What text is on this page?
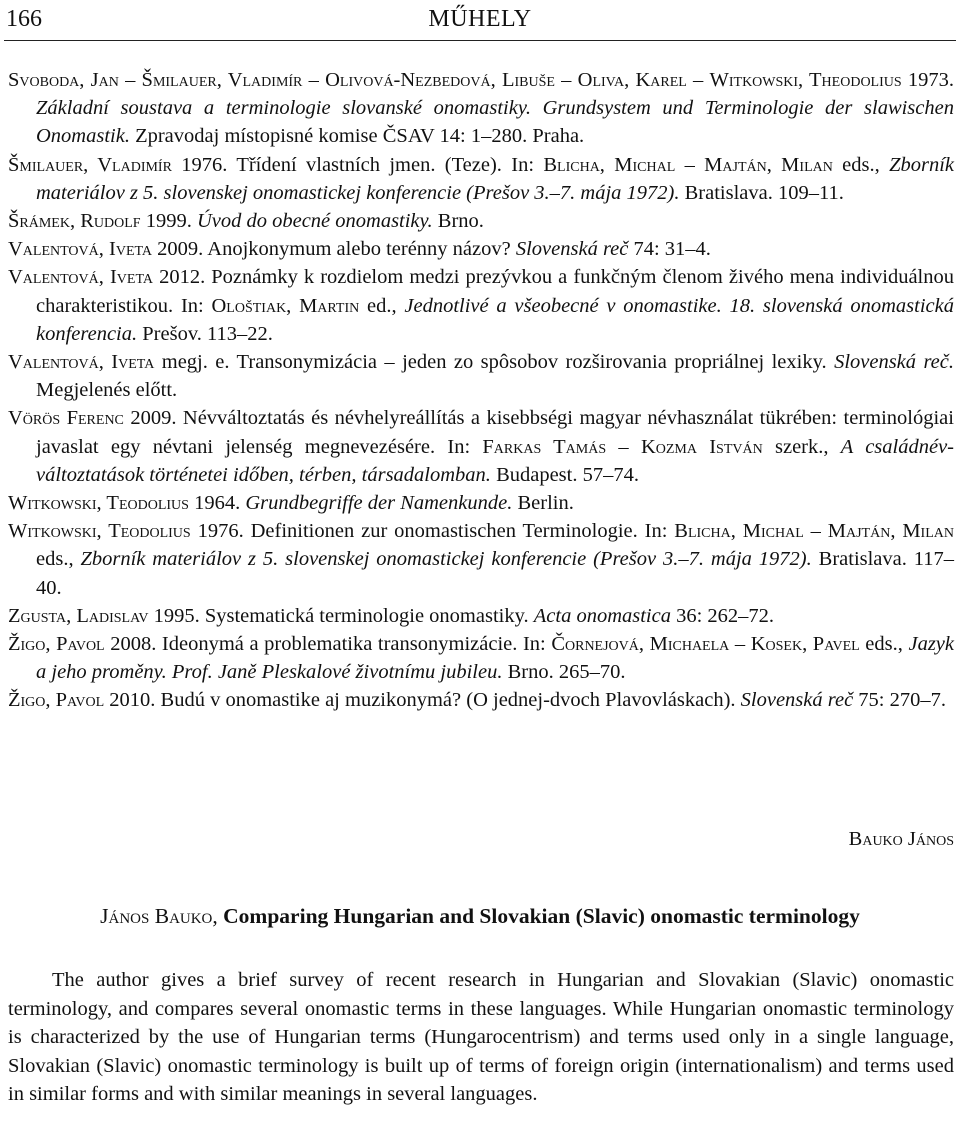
166	MŰHELY

Svoboda, Jan – Šmilauer, Vladimír – Olivová-Nezbedová, Libuše – Oliva, Karel – Witkowski, Theodolius 1973. Základní soustava a terminologie slovanské onomastiky. Grundsystem und Terminologie der slawischen Onomastik. Zpravodaj místopisné komise ČSAV 14: 1–280. Praha.

Šmilauer, Vladimír 1976. Třídení vlastních jmen. (Teze). In: Blicha, Michal – Majtán, Milan eds., Zborník materiálov z 5. slovenskej onomastickej konferencie (Prešov 3.–7. mája 1972). Bratislava. 109–11.

Šrámek, Rudolf 1999. Úvod do obecné onomastiky. Brno.

Valentová, Iveta 2009. Anojkonymum alebo terénny názov? Slovenská reč 74: 31–4.

Valentová, Iveta 2012. Poznámky k rozdielom medzi prezývkou a funkčným členom živého mena individuálnou charakteristikou. In: Ološtiak, Martin ed., Jednotlivé a všeobecné v onomastike. 18. slovenská onomastická konferencia. Prešov. 113–22.

Valentová, Iveta megj. e. Transonymizácia – jeden zo spôsobov rozširovania propriálnej lexiky. Slovenská reč. Megjelenés előtt.

Vörös Ferenc 2009. Névváltoztatás és névhelyreállítás a kisebbségi magyar névhasználat tükrében: terminológiai javaslat egy névtani jelenség megnevezésére. In: Farkas Tamás – Kozma István szerk., A családnév-változtatások történetei időben, térben, társadalomban. Budapest. 57–74.

Witkowski, Teodolius 1964. Grundbegriffe der Namenkunde. Berlin.

Witkowski, Teodolius 1976. Definitionen zur onomastischen Terminologie. In: Blicha, Michal – Majtán, Milan eds., Zborník materiálov z 5. slovenskej onomastickej konferencie (Prešov 3.–7. mája 1972). Bratislava. 117–40.

Zgusta, Ladislav 1995. Systematická terminologie onomastiky. Acta onomastica 36: 262–72.

Žigo, Pavol 2008. Ideonymá a problematika transonymizácie. In: Čornejová, Michaela – Kosek, Pavel eds., Jazyk a jeho proměny. Prof. Janě Pleskalové životnímu jubileu. Brno. 265–70.

Žigo, Pavol 2010. Budú v onomastike aj muzikonymá? (O jednej-dvoch Plavovláskach). Slovenská reč 75: 270–7.

Bauko János
János Bauko, Comparing Hungarian and Slovakian (Slavic) onomastic terminology

The author gives a brief survey of recent research in Hungarian and Slovakian (Slavic) onomastic terminology, and compares several onomastic terms in these languages. While Hungarian onomastic terminology is characterized by the use of Hungarian terms (Hungarocentrism) and terms used only in a single language, Slovakian (Slavic) onomastic terminology is built up of terms of foreign origin (internationalism) and terms used in similar forms and with similar meanings in several languages.
